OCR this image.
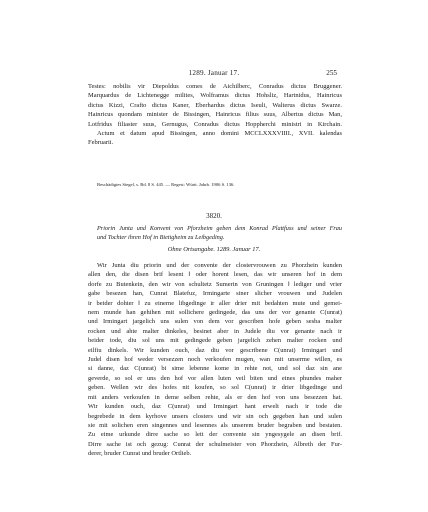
1289. Januar 17.	255
Testes: nobilis vir Diepoldus comes de Aichilberc, Conradus dictus Bruggener.
Marquardus de Lichtenegge milites, Wolframus dictus Hohsliz, Hartnidus, Hainricus
dictus Kizzi, Crafto dictus Kaner, Eberhardus dictus Iseuli, Walterus dictus Swarze.
Hainricus quondam minister de Bissingen, Hainricus filius suus, Albertus dictus Man,
Lotfridus filiaster suus, Gernugus, Conradus dictus Hoppherchi ministri in Kirchain.
Actum et datum apud Bissingen, anno domini MCCLXXXVIIII., XVII. kalendas
Februarii.
Beschädigtes Siegel, s. Bd. 8 S. 445. — Regest: Württ. Jahrb. 1906 S. 136.
3820.
Priorin Junta und Konvent von Pforzheim geben dem Konrad Plattfuss und seiner Frau
und Tochter ihren Hof in Bietigheim zu Leibgeding.
Ohne Ortsangabe. 1289. Januar 17.
Wir Junta diu priorin und der convente der clostervrouwen zu Phorzhein kunden
allen den, die disen brif lesent ‖ oder horent lesen, das wir unseren hof in dem
dorfe zu Butenkein, den wir von schultetz Sumerin von Gruningen ‖ lediger und vrier
gabe besezen han, Cunrat Blatefuz, Irmingarte siner slicher vrouwen und Judelen
ir beider dohter ‖ zu einerne libgedinge ir aller drier mit bedahten mute und gemei-
nem munde han gehihen mit sollichere gedingede, das uns der vor genante C(unrat)
und Irmingart jargelich uns sulen von dem vor gescriben hofe geben sesba malter
rocken und ahte malter dinkeles, besinet aber in Judele diu vor genante nach ir
beider tode, diu sol uns mit gedingede geben jargelich zehen malter rocken und
eilfiu dinkels. Wir kunden ouch, daz diu vor gescribene C(unrat) Irmingart und
Judel disen hof weder versezzen noch verkoufen mugen, wan mit unserme willen, es
si danne, daz C(unrat) bi sime lebenne kome in rehte not, und sol daz sin ane
geverde, so sol er uns den hof vor allen luten veil biten und eines phundes maher
geben. Wellen wir des hofes nit koufen, so sol C(unrat) ir drier libgedinge und
mit anders verkoufen in deme selben rehte, als er den hof von uns besezzen hat.
Wir kunden ouch, daz C(unrat) und Irmingart hant erwelt nach ir tode die
begrebede in dem kyrhove unsers closters und wir sin och gegeben han und sulen
sie mit solichen eren singennes und lesennes als unserem bruder begraben und bestaten.
Zu eime urkunde dirre sache so lett der convente sin yngesygele an disen brif.
Dirre sache ist och gezug: Cunrat der schulmeister von Phorzhein, Albreth der Fur-
derer, bruder Cunrat und bruder Ortlieb.
